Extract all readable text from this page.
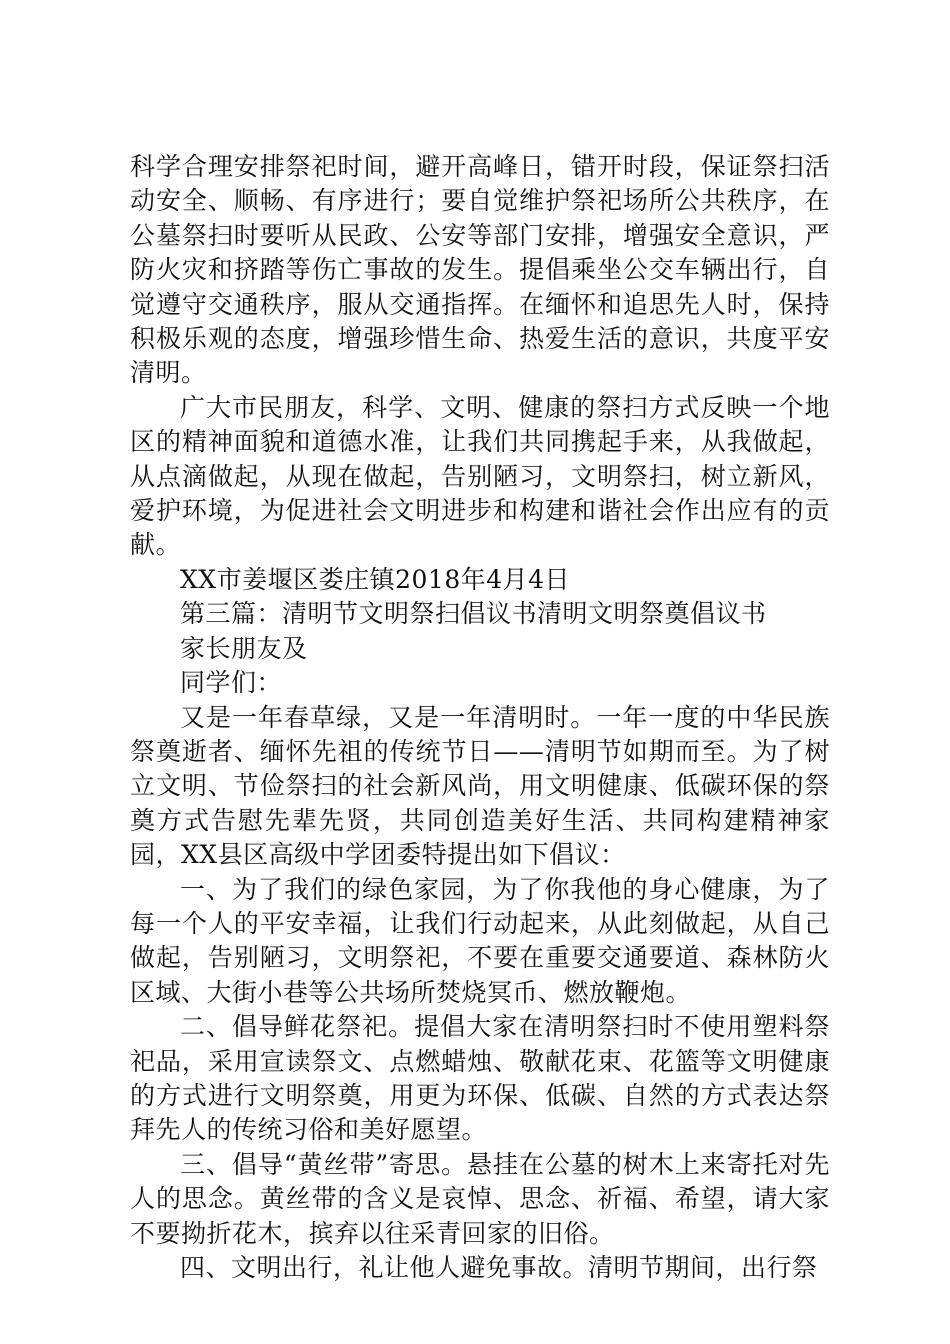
科学合理安排祭祀时间，避开高峰日，错开时段，保证祭扫活动安全、顺畅、有序进行；要自觉维护祭祀场所公共秩序，在公墓祭扫时要听从民政、公安等部门安排，增强安全意识，严防火灾和挤踏等伤亡事故的发生。提倡乘坐公交车辆出行，自觉遵守交通秩序，服从交通指挥。在缅怀和追思先人时，保持积极乐观的态度，增强珍惜生命、热爱生活的意识，共度平安清明。

广大市民朋友，科学、文明、健康的祭扫方式反映一个地区的精神面貌和道德水准，让我们共同携起手来，从我做起，从点滴做起，从现在做起，告别陋习，文明祭扫，树立新风，爱护环境，为促进社会文明进步和构建和谐社会作出应有的贡献。

XX市姜堰区娄庄镇2018年4月4日

第三篇：清明节文明祭扫倡议书清明文明祭奠倡议书

家长朋友及

同学们：

又是一年春草绿，又是一年清明时。一年一度的中华民族祭奠逝者、缅怀先祖的传统节日——清明节如期而至。为了树立文明、节俭祭扫的社会新风尚，用文明健康、低碳环保的祭奠方式告慰先辈先贤，共同创造美好生活、共同构建精神家园，XX县区高级中学团委特提出如下倡议：

一、为了我们的绿色家园，为了你我他的身心健康，为了每一个人的平安幸福，让我们行动起来，从此刻做起，从自己做起，告别陋习，文明祭祀，不要在重要交通要道、森林防火区域、大街小巷等公共场所焚烧冥币、燃放鞭炮。

二、倡导鲜花祭祀。提倡大家在清明祭扫时不使用塑料祭祀品，采用宣读祭文、点燃蜡烛、敬献花束、花篮等文明健康的方式进行文明祭奠，用更为环保、低碳、自然的方式表达祭拜先人的传统习俗和美好愿望。

三、倡导“黄丝带”寄思。悬挂在公墓的树木上来寄托对先人的思念。黄丝带的含义是哀悼、思念、祈福、希望，请大家不要拗折花木，摈弃以往采青回家的旧俗。

四、文明出行，礼让他人避免事故。清明节期间，出行祭
